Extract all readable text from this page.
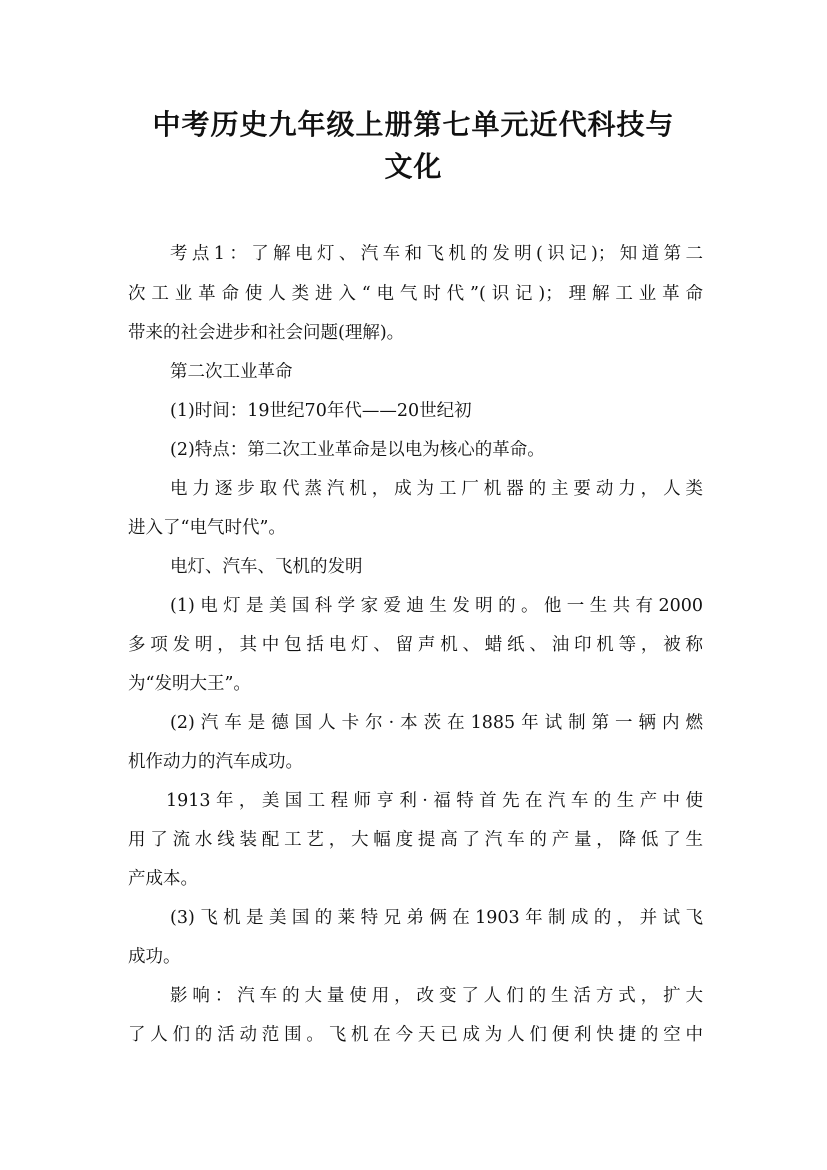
中考历史九年级上册第七单元近代科技与
文化
考点1：了解电灯、汽车和飞机的发明(识记)；知道第二
次工业革命使人类进入“电气时代”(识记)；理解工业革命
带来的社会进步和社会问题(理解)。
第二次工业革命
(1)时间：19世纪70年代——20世纪初
(2)特点：第二次工业革命是以电为核心的革命。
电力逐步取代蒸汽机，成为工厂机器的主要动力，人类
进入了“电气时代”。
电灯、汽车、飞机的发明
(1)电灯是美国科学家爱迪生发明的。他一生共有2000
多项发明，其中包括电灯、留声机、蜡纸、油印机等，被称
为“发明大王”。
(2)汽车是德国人卡尔·本茨在1885年试制第一辆内燃
机作动力的汽车成功。
1913年，美国工程师亨利·福特首先在汽车的生产中使
用了流水线装配工艺，大幅度提高了汽车的产量，降低了生
产成本。
(3)飞机是美国的莱特兄弟俩在1903年制成的，并试飞
成功。
影响：汽车的大量使用，改变了人们的生活方式，扩大
了人们的活动范围。飞机在今天已成为人们便利快捷的空中
